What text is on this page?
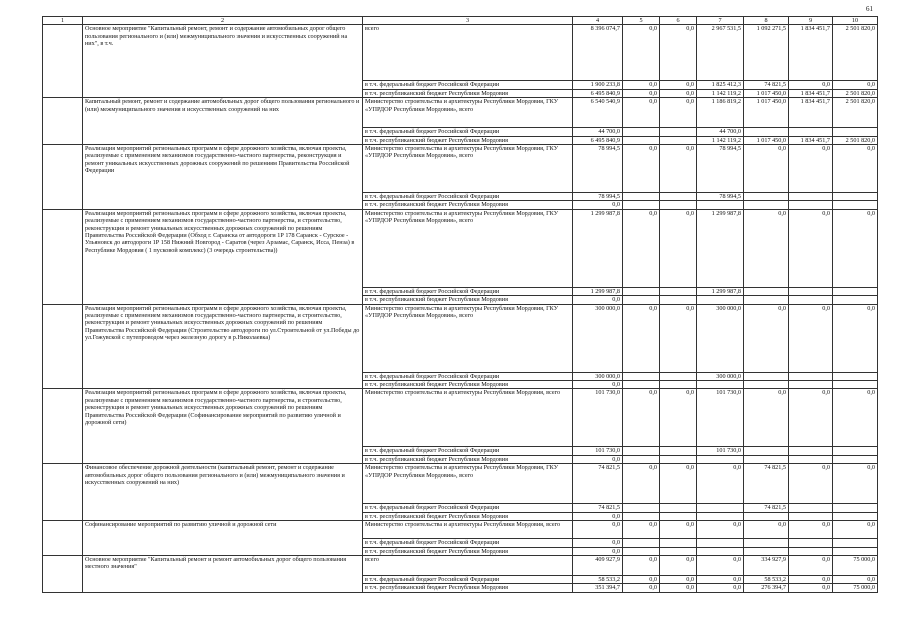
61
1	2	3	4	5	6	7	8	9	10
	Основное мероприятие "Капитальный ремонт, ремонт и содержание автомобильных дорог общего пользования регионального и (или) межмуниципального значения и искусственных сооружений на них", в т.ч.	всего	8 396 074,7	0,0	0,0	2 967 531,5	1 092 271,5	1 834 451,7	2 501 820,0
		в т.ч. федеральный бюджет Российской Федерации	1 900 233,8	0,0	0,0	1 825 412,3	74 821,5	0,0	0,0
		в т.ч. республиканский бюджет Республики Мордовия	6 495 840,9	0,0	0,0	1 142 119,2	1 017 450,0	1 834 451,7	2 501 820,0
	Капитальный ремонт, ремонт и содержание автомобильных дорог общего пользования регионального и (или) межмуниципального значения и искусственных сооружений на них	Министерство строительства и архитектуры Республики Мордовия, ГКУ «УПРДОР Республики Мордовия», всего	6 540 540,9	0,0	0,0	1 186 819,2	1 017 450,0	1 834 451,7	2 501 820,0
		в т.ч. федеральный бюджет Российской Федерации	44 700,0			44 700,0			
		в т.ч. республиканский бюджет Республики Мордовия	6 495 840,9			1 142 119,2	1 017 450,0	1 834 451,7	2 501 820,0
	Реализация мероприятий региональных программ в сфере дорожного хозяйства, включая проекты, реализуемые с применением механизмов государственно-частного партнерства, реконструкция и ремонт уникальных искусственных дорожных сооружений по решениям Правительства Российской Федерации	Министерство строительства и архитектуры Республики Мордовия, ГКУ «УПРДОР Республики Мордовия», всего	78 994,5	0,0	0,0	78 994,5	0,0	0,0	0,0
		в т.ч. федеральный бюджет Российской Федерации	78 994,5			78 994,5			
		в т.ч. республиканский бюджет Республики Мордовия	0,0						
	Реализация мероприятий региональных программ в сфере дорожного хозяйства, включая проекты, реализуемые с применением механизмов государственно-частного партнерства, и строительство, реконструкция и ремонт уникальных искусственных дорожных сооружений по решениям Правительства Российской Федерации (Обход г. Саранска от автодороги 1Р 178 Саранск - Сурское - Ульяновск до автодороги 1Р 158 Нижний Новгород - Саратов (через Арзамас, Саранск, Исса, Пенза) в Республике Мордовия ( 1 пусковой комплекс) (3 очередь строительства))	Министерство строительства и архитектуры Республики Мордовия, ГКУ «УПРДОР Республики Мордовия», всего	1 299 987,8	0,0	0,0	1 299 987,8	0,0	0,0	0,0
		в т.ч. федеральный бюджет Российской Федерации	1 299 987,8			1 299 987,8			
		в т.ч. республиканский бюджет Республики Мордовия	0,0						
	Реализация мероприятий региональных программ в сфере дорожного хозяйства, включая проекты, реализуемые с применением механизмов государственно-частного партнерства, и строительство, реконструкция и ремонт уникальных искусственных дорожных сооружений по решениям Правительства Российской Федерации (Строительство автодороги по ул.Строительной от ул.Победы до ул.Гожувской с путепроводом через железную дорогу в р.Николаевка)	Министерство строительства и архитектуры Республики Мордовия, ГКУ «УПРДОР Республики Мордовия», всего	300 000,0	0,0	0,0	300 000,0	0,0	0,0	0,0
		в т.ч. федеральный бюджет Российской Федерации	300 000,0			300 000,0			
		в т.ч. республиканский бюджет Республики Мордовия	0,0						
	Реализация мероприятий региональных программ в сфере дорожного хозяйства, включая проекты, реализуемые с применением механизмов государственно-частного партнерства, и строительство, реконструкция и ремонт уникальных искусственных дорожных сооружений по решениям Правительства Российской Федерации (Софинансирование мероприятий по развитию уличной и дорожной сети)	Министерство строительства и архитектуры Республики Мордовия, всего	101 730,0	0,0	0,0	101 730,0	0,0	0,0	0,0
		в т.ч. федеральный бюджет Российской Федерации	101 730,0			101 730,0			
		в т.ч. республиканский бюджет Республики Мордовия	0,0						
	Финансовое обеспечение дорожной деятельности (капитальный ремонт, ремонт и содержание автомобильных дорог общего пользования регионального и (или) межмуниципального значения и искусственных сооружений на них)	Министерство строительства и архитектуры Республики Мордовия, ГКУ «УПРДОР Республики Мордовия», всего	74 821,5	0,0	0,0	0,0	74 821,5	0,0	0,0
		в т.ч. федеральный бюджет Российской Федерации	74 821,5				74 821,5		
		в т.ч. республиканский бюджет Республики Мордовия	0,0						
	Софинансирование мероприятий по развитию уличной и дорожной сети	Министерство строительства и архитектуры Республики Мордовия, всего	0,0	0,0	0,0	0,0	0,0	0,0	0,0
		в т.ч. федеральный бюджет Российской Федерации	0,0						
		в т.ч. республиканский бюджет Республики Мордовия	0,0						
	Основное мероприятие "Капитальный ремонт и ремонт автомобильных дорог общего пользования местного значения"	всего	409 927,9	0,0	0,0	0,0	334 927,9	0,0	75 000,0
		в т.ч. федеральный бюджет Российской Федерации	58 533,2	0,0	0,0	0,0	58 533,2	0,0	0,0
		в т.ч. республиканский бюджет Республики Мордовия	351 394,7	0,0	0,0	0,0	276 394,7	0,0	75 000,0
